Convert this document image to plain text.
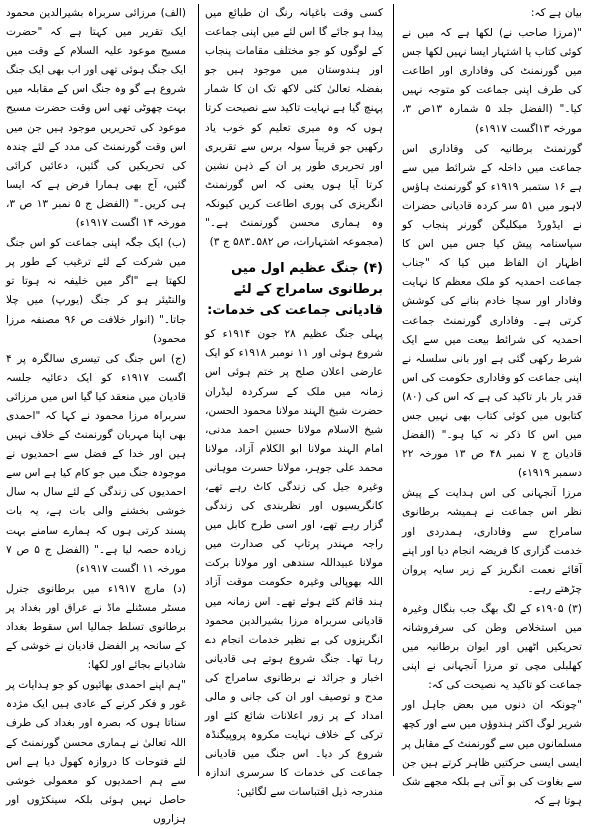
بیان ہے کہ:

"(مرزا صاحب نے) لکھا ہے کہ میں نے کوئی کتاب یا اشتہار ایسا نہیں لکھا جس میں گورنمنٹ کی وفاداری اور اطاعت کی طرف اپنی جماعت کو متوجہ نہیں کیا۔" (الفضل جلد ۵ شمارہ ۱۳ص ۳، مورخہ ۱۳اگست ۱۹۱۷ء)

گورنمنٹ برطانیہ کی وفاداری اس جماعت میں داخلہ کے شرائط میں سے ہے ۱۶ ستمبر ۱۹۱۹ء کو گورنمنٹ ہاؤس لاہور میں ۵۱ سر کردہ قادیانی حضرات نے ایڈورڈ میکلیگن گورنر پنجاب کو سپاسنامہ پیش کیا جس میں اس کا اظہار ان الفاظ میں کیا کہ "جناب جماعت احمدیہ کو ملک معظم کا نہایت وفادار اور سچا خادم بنانے کی کوشش کرتی ہے۔ وفاداری گورنمنٹ جماعت احمدیہ کی شرائط بیعت میں سے ایک شرط رکھی گئی ہے اور بانی سلسلہ نے اپنی جماعت کو وفاداری حکومت کی اس قدر بار بار تاکید کی ہے کہ اس کی (۸۰) کتابوں میں کوئی کتاب بھی نہیں جس میں اس کا ذکر نہ کیا ہو۔" (الفضل قادیان ج ۷ نمبر ۴۸ ص ۱۳ مورخہ ۲۲ دسمبر ۱۹۱۹ء)

مرزا آنجہانی کی اس ہدایت کے پیش نظر اس جماعت نے ہمیشہ برطانوی سامراج سے وفاداری، ہمدردی اور خدمت گزاری کا فریضہ انجام دیا اور اپنے آقائے نعمت انگریز کے زیر سایہ پروان چڑھتے رہے۔

(۳) ۱۹۰۵ء کے لگ بھگ جب بنگال وغیرہ میں استخلاص وطن کی سرفروشانہ تحریکیں اٹھیں اور ایوان برطانیہ میں کھلبلی مچی تو مرزا آنجہانی نے اپنی جماعت کو تاکید یہ نصیحت کی کہ:

"چونکہ ان دنوں میں بعض جاہل اور شریر لوگ اکثر ہندوؤں میں سے اور کچھ مسلمانوں میں سے گورنمنٹ کے مقابل پر ایسی ایسی حرکتیں ظاہر کرتے ہیں جن سے بغاوت کی بو آتی ہے بلکہ مجھے شک ہوتا ہے کہ

کسی وقت باغیانہ رنگ ان طبائع میں پیدا ہو جائے گا اس لئے میں اپنی جماعت کے لوگوں کو جو مختلف مقامات پنجاب اور ہندوستان میں موجود ہیں جو بفضلہ تعالیٰ کئی لاکھ تک ان کا شمار پہنچ گیا ہے نہایت تاکید سے نصیحت کرتا ہوں کہ وہ میری تعلیم کو خوب یاد رکھیں جو قریباً سولہ برس سے تقریری اور تحریری طور پر ان کے ذہن نشین کرتا آیا ہوں یعنی کہ اس گورنمنٹ انگریزی کی پوری اطاعت کریں کیونکہ وہ ہماری محسن گورنمنٹ ہے۔" (مجموعہ اشتہارات، ص ۵۸۲۔۵۸۳ ج ۳)

(۴) جنگ عظیم اول میں برطانوی سامراج کے لئے قادیانی جماعت کی خدمات:

پہلی جنگ عظیم ۲۸ جون ۱۹۱۴ء کو شروع ہوئی اور ۱۱ نومبر ۱۹۱۸ء کو ایک عارضی اعلان صلح پر ختم ہوئی اس زمانہ میں ملک کے سرکردہ لیڈران حضرت شیخ الہند مولانا محمود الحسن، شیخ الاسلام مولانا حسین احمد مدنی، امام الہند مولانا ابو الکلام آزاد، مولانا محمد علی جوہر، مولانا حسرت موہانی وغیرہ جیل کی زندگی کاٹ رہے تھے، کانگریسیوں اور نظربندی کی زندگی گزار رہے تھے، اور اسی طرح کابل میں راجہ مہندر پرتاپ کی صدارت میں مولانا عبیداللہ سندھی اور مولانا برکت اللہ بھوپالی وغیرہ حکومت موقت آزاد ہند قائم کئے ہوئے تھے۔ اس زمانہ میں قادیانی سربراہ مرزا بشیرالدین محمود انگریزوں کی بے نظیر خدمات انجام دے رہا تھا۔ جنگ شروع ہوتے ہی قادیانی اخبار و جرائد نے برطانوی سامراج کی مدح و توصیف اور ان کی جانی و مالی امداد کے پر زور اعلانات شائع کئے اور ترکی کے خلاف نہایت مکروہ پروپیگنڈہ شروع کر دیا۔ اس جنگ میں قادیانی جماعت کی خدمات کا سرسری اندازہ مندرجہ ذیل اقتباسات سے لگائیں:

(الف) مرزائی سربراہ بشیرالدین محمود ایک تقریر میں کہتا ہے کہ "حضرت مسیح موعود علیہ السلام کے وقت میں ایک جنگ ہوئی تھی اور اب بھی ایک جنگ شروع ہے گو وہ جنگ اس کے مقابلہ میں بہت چھوٹی تھی اس وقت حضرت مسیح موعود کی تحریریں موجود ہیں جن میں اس وقت گورنمنٹ کی مدد کے لئے چندہ کی تحریکیں کی گئیں، دعائیں کرائی گئیں، آج بھی ہمارا فرض ہے کہ ایسا ہی کریں۔" (الفضل ج ۵ نمبر ۱۳ ص ۳، مورخہ ۱۴ اگست ۱۹۱۷ء)

(ب) ایک جگہ اپنی جماعت کو اس جنگ میں شرکت کے لئے ترغیب کے طور پر لکھتا ہے "اگر میں خلیفہ نہ ہوتا تو والنٹیئر ہو کر جنگ (یورپ) میں چلا جاتا۔" (انوار خلافت ص ۹۶ مصنفہ مرزا محمود)

(ج) اس جنگ کی تیسری سالگرہ پر ۴ اگست ۱۹۱۷ء کو ایک دعائیہ جلسہ قادیان میں منعقد کیا گیا اس میں مرزائی سربراہ مرزا محمود نے کہا کہ "احمدی بھی اپنا مہربان گورنمنٹ کے خلاف نہیں ہیں اور خدا کے فضل سے احمدیوں نے موجودہ جنگ میں جو کام کیا ہے اس سے احمدیوں کی زندگی کے لئے سال بہ سال خوشی بخشنے والی بات ہے، یہ بات پسند کرتی ہوں کہ ہمارے سامنے بہت زیادہ حصہ لیا ہے۔" (الفضل ج ۵ ص ۷ مورخہ ۱۱ اگست ۱۹۱۷ء)

(د) مارچ ۱۹۱۷ء میں برطانوی جنرل مسٹر مسٹنلے ماڈ نے عراق اور بغداد پر برطانوی تسلط جمالیا اس سقوط بغداد کے سانحہ پر الفضل قادیان نے خوشی کے شادیانے بجائے اور لکھا:

"ہم اپنے احمدی بھائیوں کو جو ہدایات پر غور و فکر کرنے کے عادی ہیں ایک مژدہ سناتا ہوں کہ بصرہ اور بغداد کی طرف اللہ تعالیٰ نے ہماری محسن گورنمنٹ کے لئے فتوحات کا دروازہ کھول دیا ہے اس سے ہم احمدیوں کو معمولی خوشی حاصل نہیں ہوئی بلکہ سینکڑوں اور ہزاروں
